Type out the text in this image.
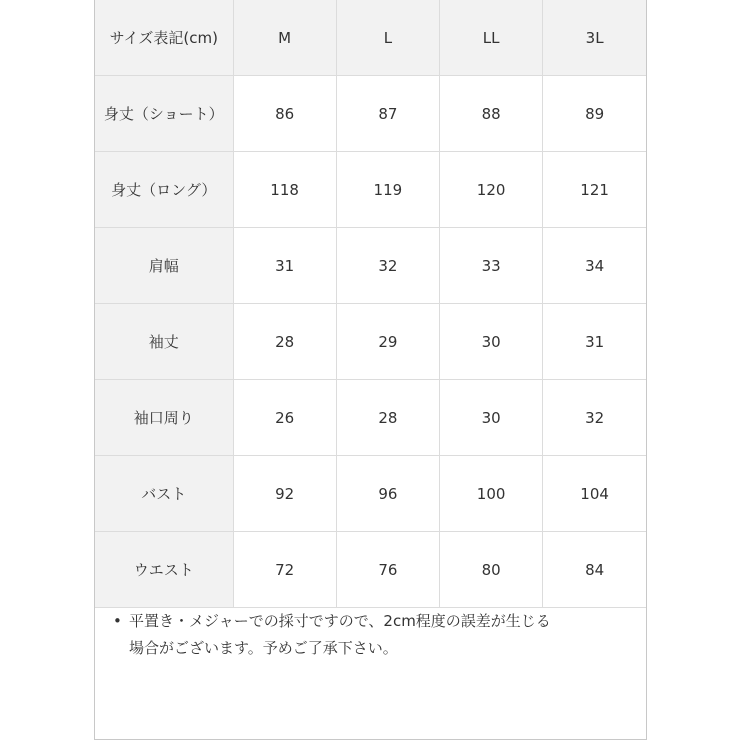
サイズ表記(cm)	M	L	LL	3L
身丈（ショート）	86	87	88	89
身丈（ロング）	118	119	120	121
肩幅	31	32	33	34
袖丈	28	29	30	31
袖口周り	26	28	30	32
バスト	92	96	100	104
ウエスト	72	76	80	84
• 平置き・メジャーでの採寸ですので、2cm程度の誤差が生じる
場合がございます。予めご了承下さい。
